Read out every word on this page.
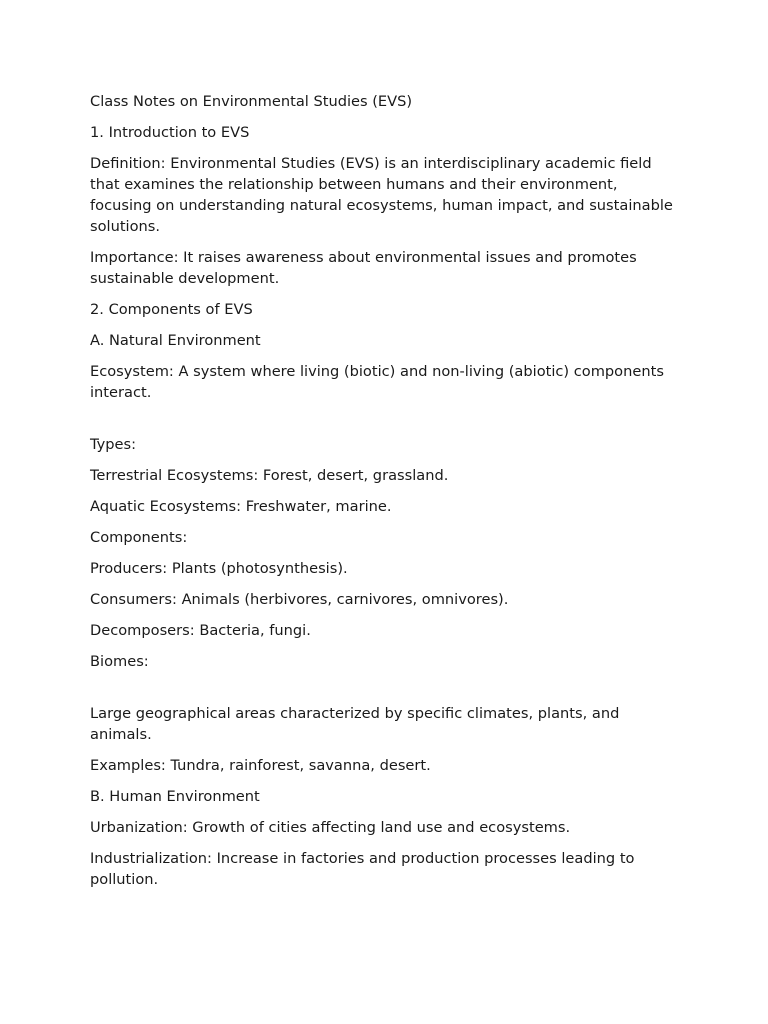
Class Notes on Environmental Studies (EVS)

1. Introduction to EVS

Definition: Environmental Studies (EVS) is an interdisciplinary academic field that examines the relationship between humans and their environment, focusing on understanding natural ecosystems, human impact, and sustainable solutions.

Importance: It raises awareness about environmental issues and promotes sustainable development.

2. Components of EVS

A. Natural Environment

Ecosystem: A system where living (biotic) and non-living (abiotic) components interact.

Types:

Terrestrial Ecosystems: Forest, desert, grassland.

Aquatic Ecosystems: Freshwater, marine.

Components:

Producers: Plants (photosynthesis).

Consumers: Animals (herbivores, carnivores, omnivores).

Decomposers: Bacteria, fungi.

Biomes:

Large geographical areas characterized by specific climates, plants, and animals.

Examples: Tundra, rainforest, savanna, desert.

B. Human Environment

Urbanization: Growth of cities affecting land use and ecosystems.

Industrialization: Increase in factories and production processes leading to pollution.
